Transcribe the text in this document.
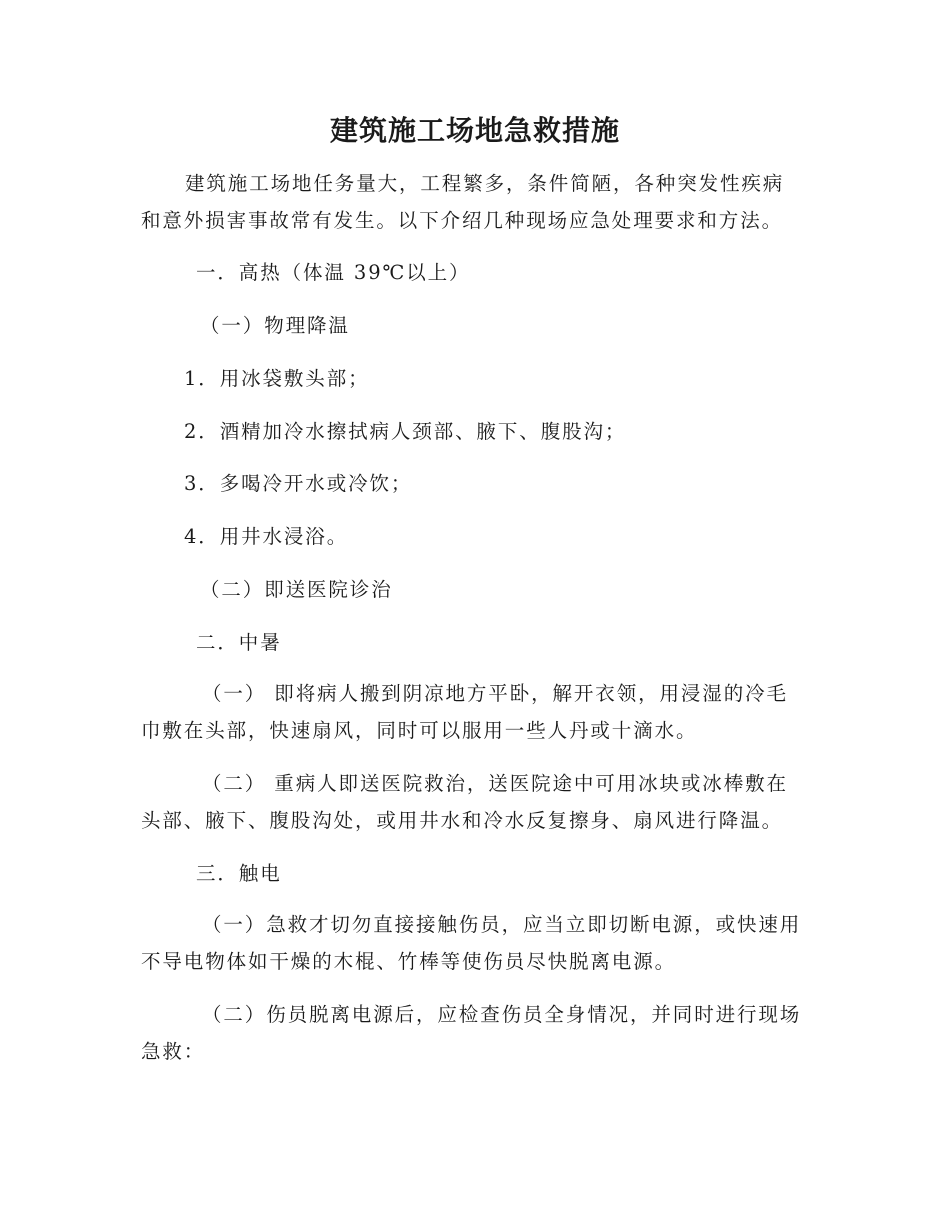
建筑施工场地急救措施

建筑施工场地任务量大，工程繁多，条件简陋，各种突发性疾病
和意外损害事故常有发生。以下介绍几种现场应急处理要求和方法。

一．高热（体温 39℃以上）

（一）物理降温

1．用冰袋敷头部；

2．酒精加冷水擦拭病人颈部、腋下、腹股沟；

3．多喝冷开水或冷饮；

4．用井水浸浴。

（二）即送医院诊治

二．中暑

（一） 即将病人搬到阴凉地方平卧，解开衣领，用浸湿的冷毛
巾敷在头部，快速扇风，同时可以服用一些人丹或十滴水。

（二） 重病人即送医院救治，送医院途中可用冰块或冰棒敷在
头部、腋下、腹股沟处，或用井水和冷水反复擦身、扇风进行降温。

三．触电

（一）急救才切勿直接接触伤员，应当立即切断电源，或快速用
不导电物体如干燥的木棍、竹棒等使伤员尽快脱离电源。

（二）伤员脱离电源后，应检查伤员全身情况，并同时进行现场
急救：
